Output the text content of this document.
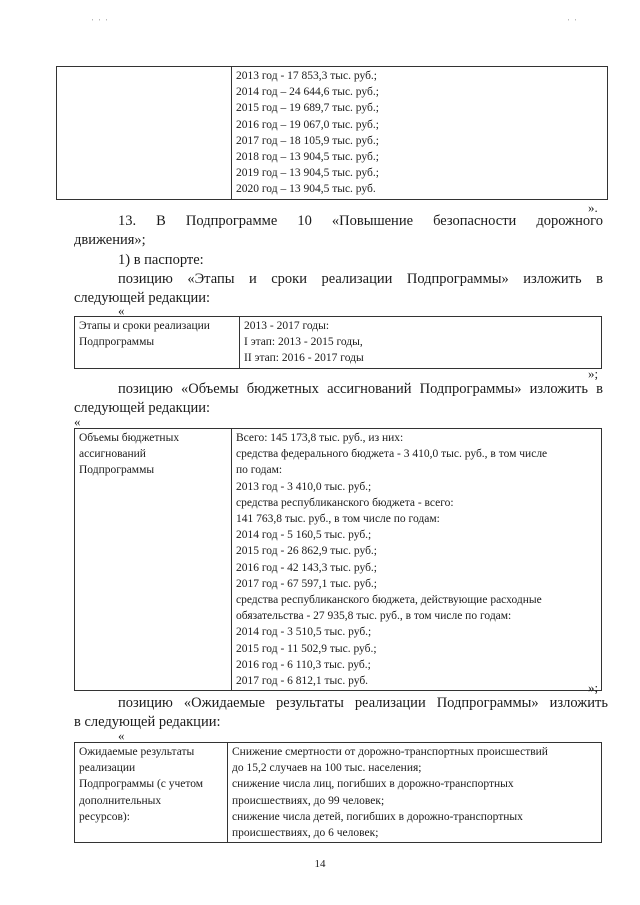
' ' '	' '

2013 год - 17 853,3 тыс. руб.;
2014 год – 24 644,6 тыс. руб.;
2015 год – 19 689,7 тыс. руб.;
2016 год – 19 067,0 тыс. руб.;
2017 год – 18 105,9 тыс. руб.;
2018 год – 13 904,5 тыс. руб.;
2019 год – 13 904,5 тыс. руб.;
2020 год – 13 904,5 тыс. руб.
».
13. В Подпрограмме 10 «Повышение безопасности дорожного
движения»;
1) в паспорте:
позицию «Этапы и сроки реализации Подпрограммы» изложить в
следующей редакции:
«
Этапы и сроки реализации
Подпрограммы

2013 - 2017 годы:
I этап: 2013 - 2015 годы,
II этап: 2016 - 2017 годы
»;
позицию «Объемы бюджетных ассигнований Подпрограммы» изложить в
следующей редакции:
«
Объемы бюджетных
ассигнований
Подпрограммы

Всего: 145 173,8 тыс. руб., из них:
средства федерального бюджета - 3 410,0 тыс. руб., в том числе
по годам:
2013 год - 3 410,0 тыс. руб.;
средства республиканского бюджета - всего:
141 763,8 тыс. руб., в том числе по годам:
2014 год - 5 160,5 тыс. руб.;
2015 год - 26 862,9 тыс. руб.;
2016 год - 42 143,3 тыс. руб.;
2017 год - 67 597,1 тыс. руб.;
средства республиканского бюджета, действующие расходные
обязательства - 27 935,8 тыс. руб., в том числе по годам:
2014 год - 3 510,5 тыс. руб.;
2015 год - 11 502,9 тыс. руб.;
2016 год - 6 110,3 тыс. руб.;
2017 год - 6 812,1 тыс. руб.	»;
позицию «Ожидаемые результаты реализации Подпрограммы» изложить
в следующей редакции:
«
Ожидаемые результаты
реализации
Подпрограммы (с учетом
дополнительных
ресурсов):

Снижение смертности от дорожно-транспортных происшествий
до 15,2 случаев на 100 тыс. населения;
снижение числа лиц, погибших в дорожно-транспортных
происшествиях, до 99 человек;
снижение числа детей, погибших в дорожно-транспортных
происшествиях, до 6 человек;
14
